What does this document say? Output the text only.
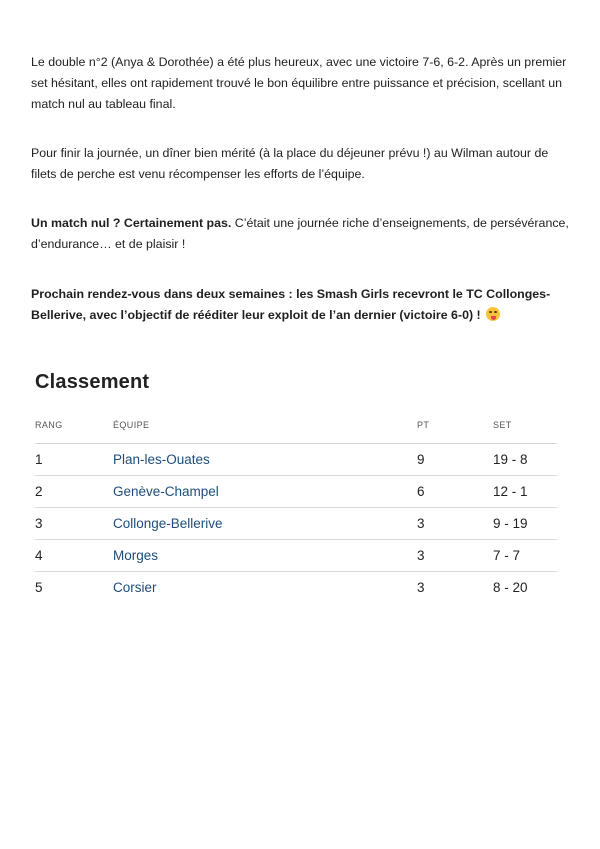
Le double n°2 (Anya & Dorothée) a été plus heureux, avec une victoire 7-6, 6-2. Après un premier set hésitant, elles ont rapidement trouvé le bon équilibre entre puissance et précision, scellant un match nul au tableau final.

Pour finir la journée, un dîner bien mérité (à la place du déjeuner prévu !) au Wilman autour de filets de perche est venu récompenser les efforts de l’équipe.

Un match nul ? Certainement pas. C’était une journée riche d’enseignements, de persévérance, d’endurance… et de plaisir !

Prochain rendez-vous dans deux semaines : les Smash Girls recevront le TC Collonges-Bellerive, avec l’objectif de rééditer leur exploit de l’an dernier (victoire 6-0) !

Classement
RANG	ÉQUIPE	PT	SET
1	Plan-les-Ouates	9	19 - 8
2	Genève-Champel	6	12 - 1
3	Collonge-Bellerive	3	9 - 19
4	Morges	3	7 - 7
5	Corsier	3	8 - 20
